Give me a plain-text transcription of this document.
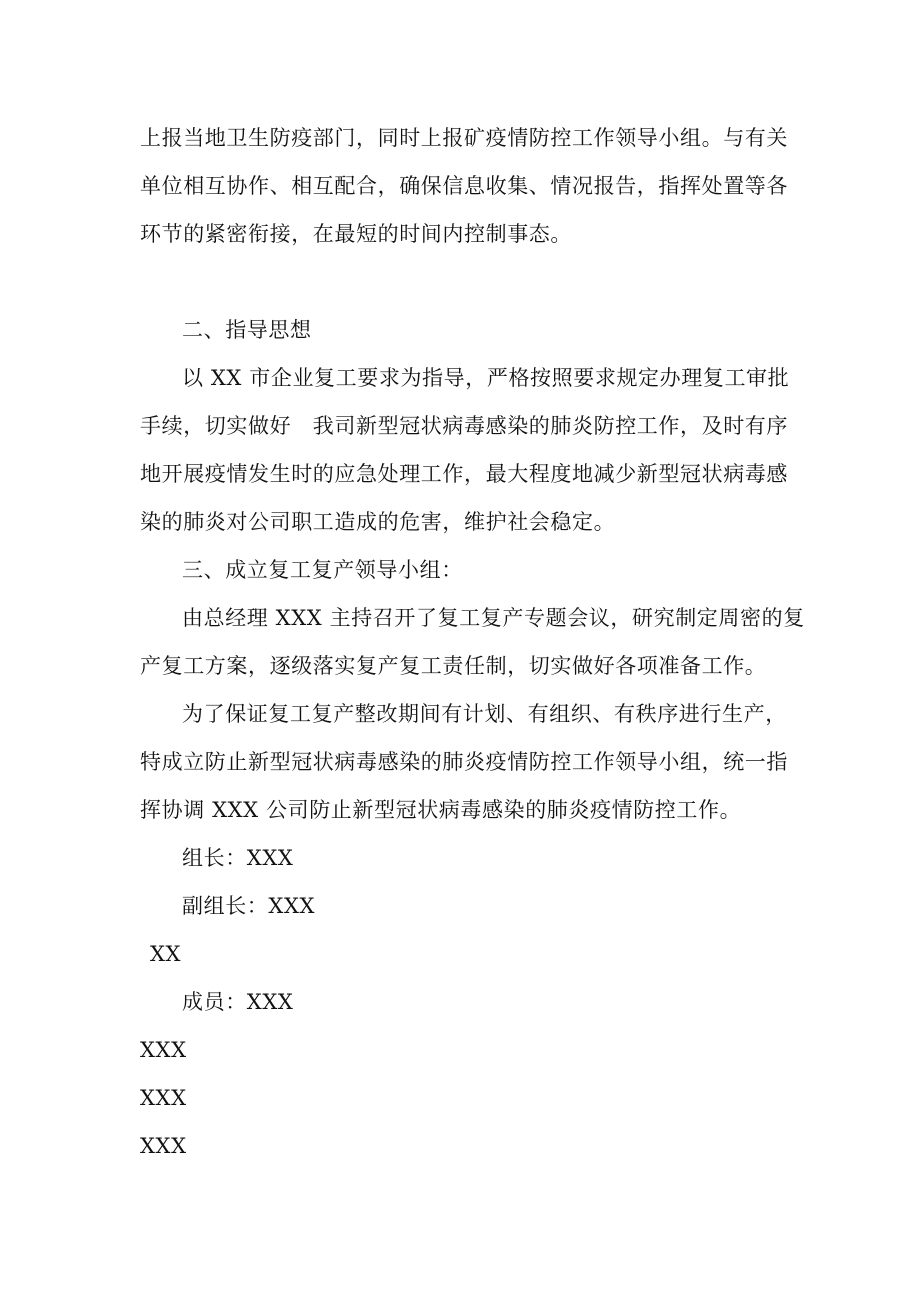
上报当地卫生防疫部门，同时上报矿疫情防控工作领导小组。与有关
单位相互协作、相互配合，确保信息收集、情况报告，指挥处置等各
环节的紧密衔接，在最短的时间内控制事态。
二、指导思想
以 XX 市企业复工要求为指导，严格按照要求规定办理复工审批
手续，切实做好　我司新型冠状病毒感染的肺炎防控工作，及时有序
地开展疫情发生时的应急处理工作，最大程度地减少新型冠状病毒感
染的肺炎对公司职工造成的危害，维护社会稳定。
三、成立复工复产领导小组：
由总经理 XXX 主持召开了复工复产专题会议，研究制定周密的复
产复工方案，逐级落实复产复工责任制，切实做好各项准备工作。
为了保证复工复产整改期间有计划、有组织、有秩序进行生产，
特成立防止新型冠状病毒感染的肺炎疫情防控工作领导小组，统一指
挥协调 XXX 公司防止新型冠状病毒感染的肺炎疫情防控工作。
组长：XXX
副组长：XXX
XX
成员：XXX
XXX
XXX
XXX
